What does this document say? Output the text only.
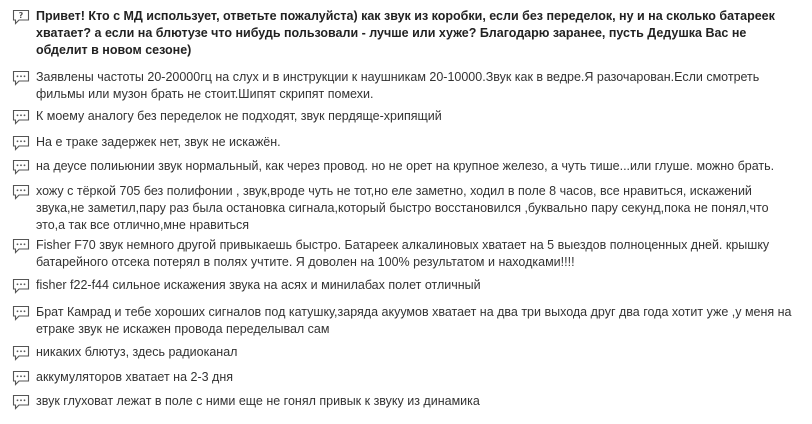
? Привет! Кто с МД использует, ответьте пожалуйста) как звук из коробки, если без переделок, ну и на сколько батареек хватает? а если на блютузе что нибудь пользовали - лучше или хуже? Благодарю заранее, пусть Дедушка Вас не обделит в новом сезоне)

Заявлены частоты 20-20000гц на слух и в инструкции к наушникам 20-10000.Звук как в ведре.Я разочарован.Если смотреть фильмы или музон брать не стоит.Шипят скрипят помехи.

К моему аналогу без переделок не подходят, звук пердяще-хрипящий

На е траке задержек нет, звук не искажён.

на деусе полиьюнии звук нормальный, как через провод. но не орет на крупное железо, а чуть тише...или глуше. можно брать.

хожу с тёркой 705 без полифонии , звук,вроде чуть не тот,но еле заметно, ходил в поле 8 часов, все нравиться, искажений звука,не заметил,пару раз была остановка сигнала,который быстро восстановился ,буквально пару секунд,пока не понял,что это,а так все отлично,мне нравиться

Fisher F70 звук немного другой привыкаешь быстро. Батареек алкалиновых хватает на 5 выездов полноценных дней. крышку батарейного отсека потерял в полях учтите. Я доволен на 100% результатом и находками!!!!

fisher f22-f44 сильное искажения звука на асях и минилабах полет отличный

Брат Камрад и тебе хороших сигналов под катушку,заряда акуумов хватает на два три выхода друг два года хотит уже ,у меня на етраке звук не искажен провода переделывал сам

никаких блютуз, здесь радиоканал

аккумуляторов хватает на 2-3 дня

звук глуховат лежат в поле с ними еще не гонял привык к звуку из динамика
